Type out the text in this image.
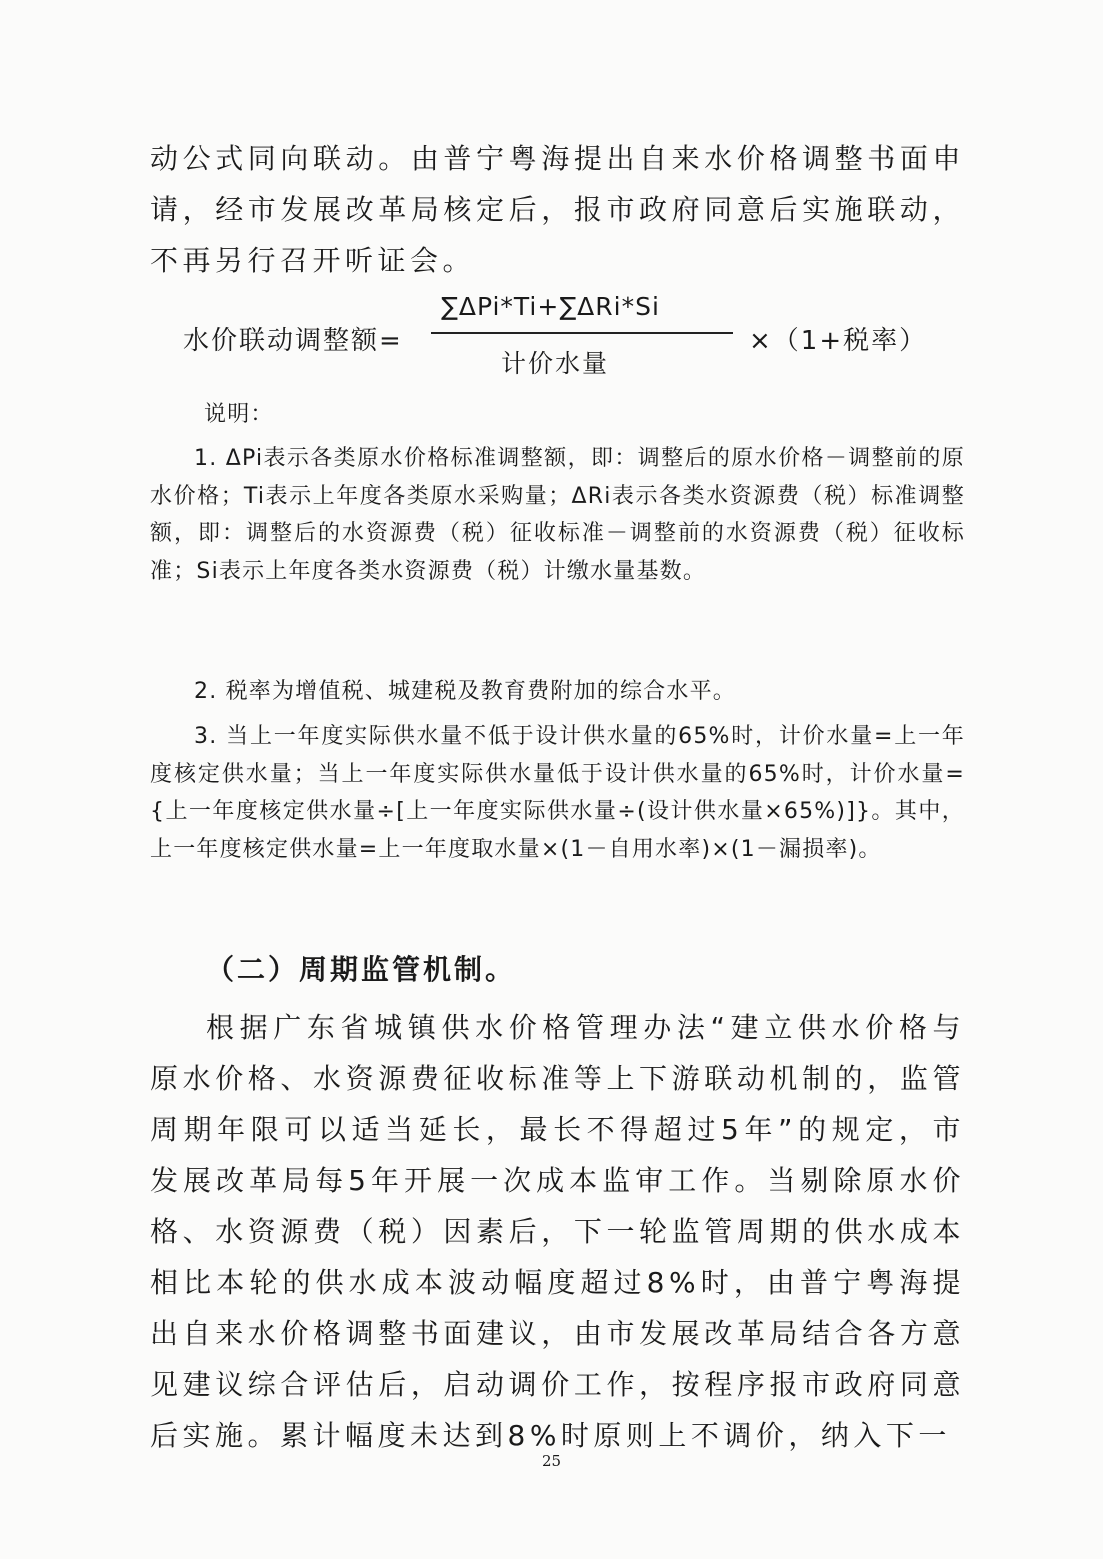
动公式同向联动。由普宁粤海提出自来水价格调整书面申请，经市发展改革局核定后，报市政府同意后实施联动，不再另行召开听证会。

水价联动调整额=
∑ΔPi*Ti+∑ΔRi*Si
计价水量
×（1+税率）

说明：

1. ΔPi表示各类原水价格标准调整额，即：调整后的原水价格－调整前的原水价格；Ti表示上年度各类原水采购量；ΔRi表示各类水资源费（税）标准调整额，即：调整后的水资源费（税）征收标准－调整前的水资源费（税）征收标准；Si表示上年度各类水资源费（税）计缴水量基数。

2. 税率为增值税、城建税及教育费附加的综合水平。

3. 当上一年度实际供水量不低于设计供水量的65%时，计价水量=上一年度核定供水量；当上一年度实际供水量低于设计供水量的65%时，计价水量={上一年度核定供水量÷[上一年度实际供水量÷(设计供水量×65%)]}。其中，上一年度核定供水量=上一年度取水量×(1－自用水率)×(1－漏损率)。

（二）周期监管机制。

根据广东省城镇供水价格管理办法“建立供水价格与原水价格、水资源费征收标准等上下游联动机制的，监管周期年限可以适当延长，最长不得超过5年”的规定，市发展改革局每5年开展一次成本监审工作。当剔除原水价格、水资源费（税）因素后，下一轮监管周期的供水成本相比本轮的供水成本波动幅度超过8%时，由普宁粤海提出自来水价格调整书面建议，由市发展改革局结合各方意见建议综合评估后，启动调价工作，按程序报市政府同意后实施。累计幅度未达到8%时原则上不调价，纳入下一

25
